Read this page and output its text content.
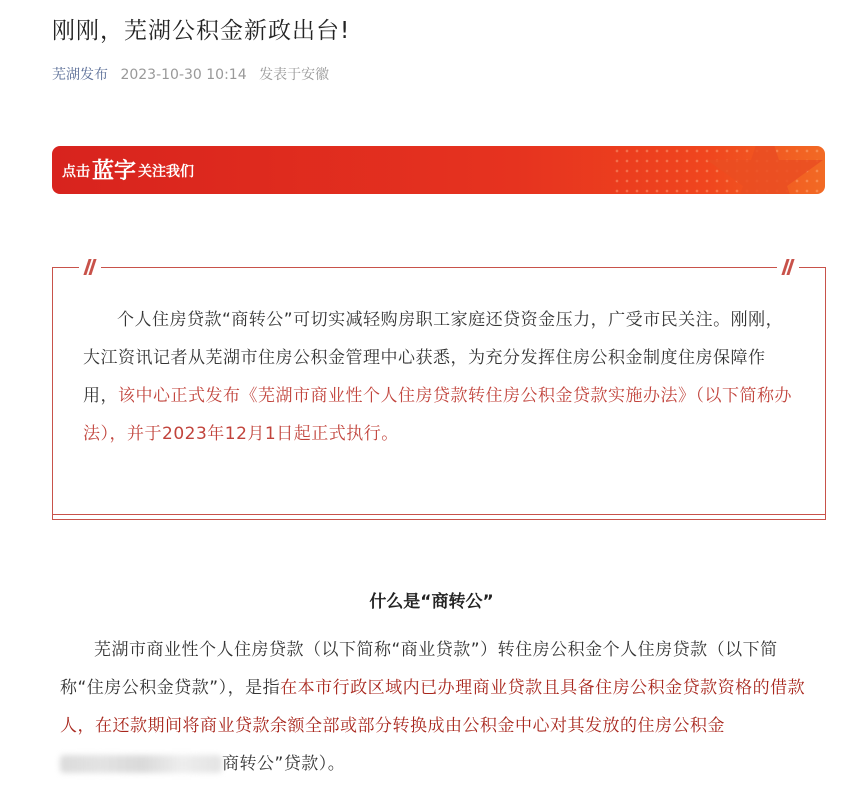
刚刚，芜湖公积金新政出台!
芜湖发布 2023-10-30 10:14 发表于安徽
点击蓝字 关注我们
个人住房贷款“商转公”可切实减轻购房职工家庭还贷资金压力，广受市民关注。刚刚，大江资讯记者从芜湖市住房公积金管理中心获悉，为充分发挥住房公积金制度住房保障作用，该中心正式发布《芜湖市商业性个人住房贷款转住房公积金贷款实施办法》（以下简称办法），并于2023年12月1日起正式执行。
什么是“商转公”
芜湖市商业性个人住房贷款（以下简称“商业贷款”）转住房公积金个人住房贷款（以下简称“住房公积金贷款”），是指在本市行政区域内已办理商业贷款且具备住房公积金贷款资格的借款人，在还款期间将商业贷款余额全部或部分转换成由公积金中心对其发放的住房公积金商转公”贷款）。
